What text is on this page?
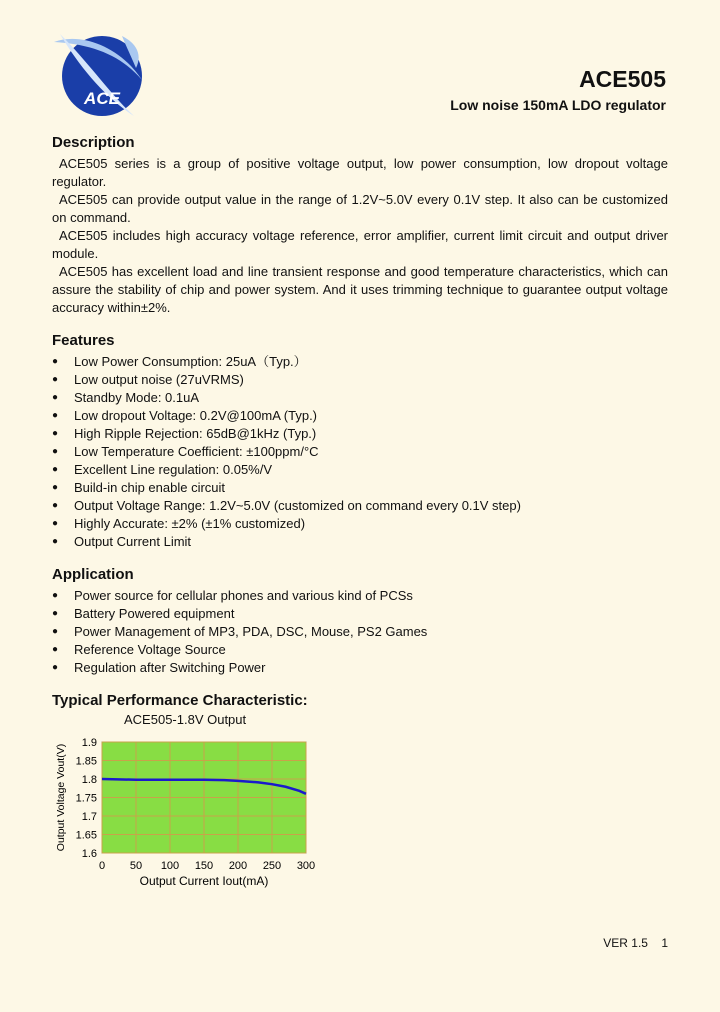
ACE
ACE505
Low noise 150mA LDO regulator
Description

ACE505 series is a group of positive voltage output, low power consumption, low dropout voltage regulator.

ACE505 can provide output value in the range of 1.2V~5.0V every 0.1V step. It also can be customized on command.

ACE505 includes high accuracy voltage reference, error amplifier, current limit circuit and output driver module.

ACE505 has excellent load and line transient response and good temperature characteristics, which can assure the stability of chip and power system. And it uses trimming technique to guarantee output voltage accuracy within±2%.

Features
● Low Power Consumption: 25uA（Typ.）
● Low output noise (27uVRMS)
● Standby Mode: 0.1uA
● Low dropout Voltage: 0.2V@100mA (Typ.)
● High Ripple Rejection: 65dB@1kHz (Typ.)
● Low Temperature Coefficient: ±100ppm/°C
● Excellent Line regulation: 0.05%/V
● Build-in chip enable circuit
● Output Voltage Range: 1.2V~5.0V (customized on command every 0.1V step)
● Highly Accurate: ±2% (±1% customized)
● Output Current Limit
Application
● Power source for cellular phones and various kind of PCSs
● Battery Powered equipment
● Power Management of MP3, PDA, DSC, Mouse, PS2 Games
● Reference Voltage Source
● Regulation after Switching Power
Typical Performance Characteristic:
ACE505-1.8V Output
1.6
1.65
1.7
1.75
1.8
1.85
1.9
0 50 100 150 200 250 300
Output Voltage Vout(V)
Output Current Iout(mA)
VER 1.5 1
